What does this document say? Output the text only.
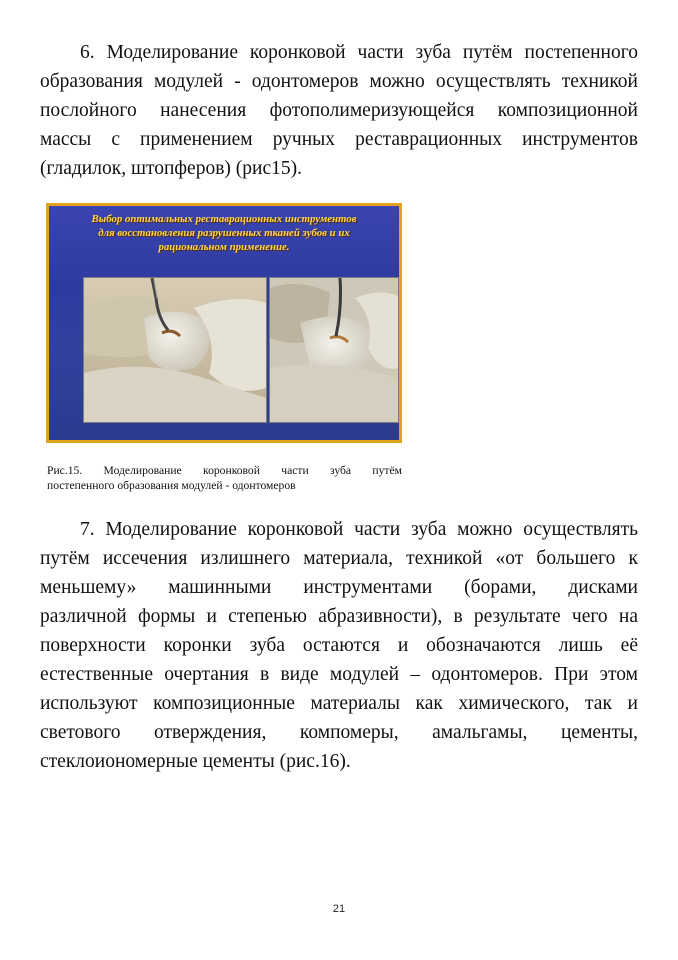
6. Моделирование коронковой части зуба путём постепенного
образования модулей - одонтомеров можно осуществлять техникой
послойного нанесения фотополимеризующейся композиционной
массы с применением ручных реставрационных инструментов
(гладилок, штопферов) (рис15).
Выбор оптимальных реставрационных инструментов
для восстановления разрушенных тканей зубов и их
рациональном применение.
Рис.15. Моделирование коронковой части зуба путём
постепенного образования модулей - одонтомеров
7. Моделирование коронковой части зуба можно осуществлять
путём иссечения излишнего материала, техникой «от большего к
меньшему» машинными инструментами (борами, дисками
различной формы и степенью абразивности), в результате чего на
поверхности коронки зуба остаются и обозначаются лишь её
естественные очертания в виде модулей – одонтомеров. При этом
используют композиционные материалы как химического, так и
светового отверждения, компомеры, амальгамы, цементы,
стеклоиономерные цементы (рис.16).
21
